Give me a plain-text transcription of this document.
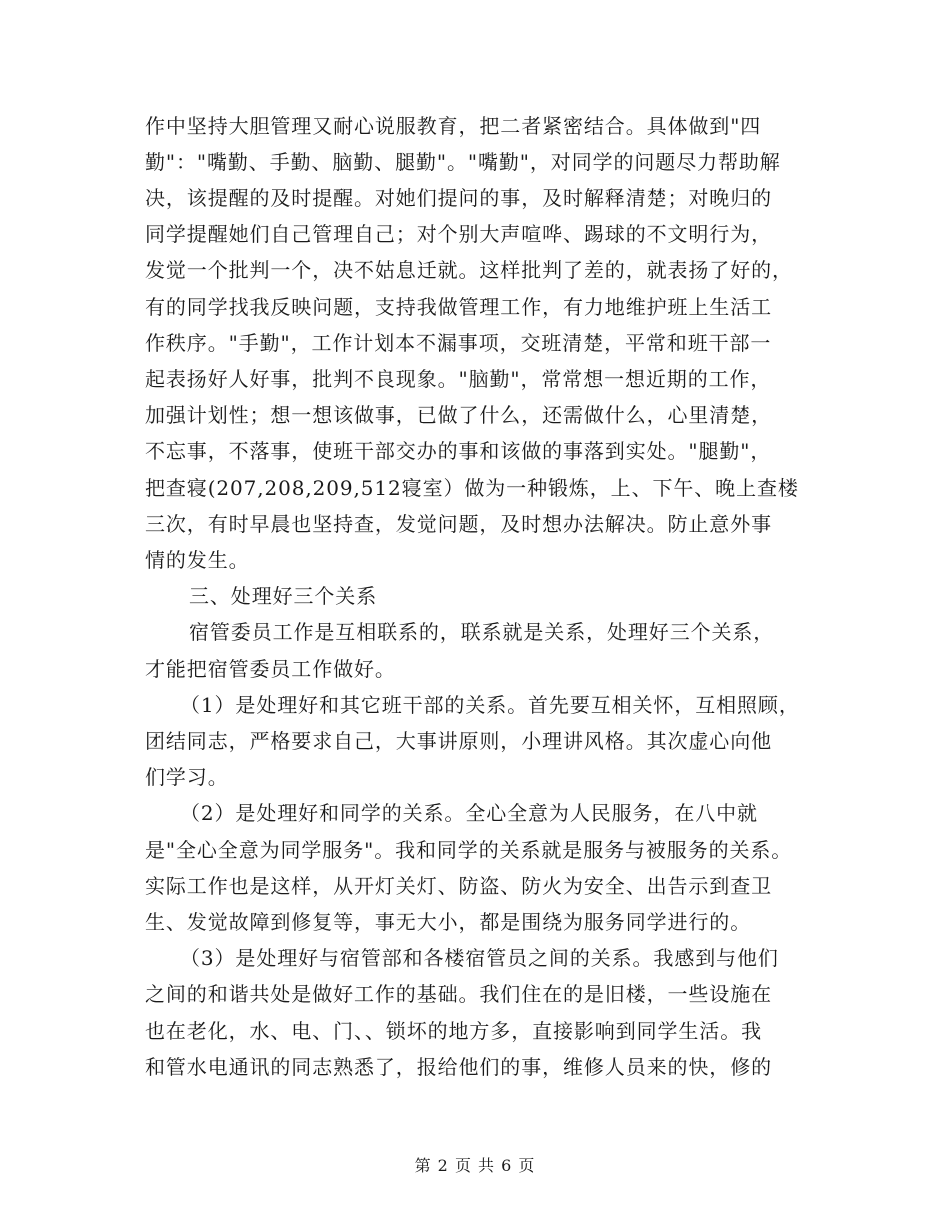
作中坚持大胆管理又耐心说服教育，把二者紧密结合。具体做到"四
勤"："嘴勤、手勤、脑勤、腿勤"。"嘴勤"，对同学的问题尽力帮助解
决，该提醒的及时提醒。对她们提问的事，及时解释清楚；对晚归的
同学提醒她们自己管理自己；对个别大声喧哗、踢球的不文明行为，
发觉一个批判一个，决不姑息迁就。这样批判了差的，就表扬了好的，
有的同学找我反映问题，支持我做管理工作，有力地维护班上生活工
作秩序。"手勤"，工作计划本不漏事项，交班清楚，平常和班干部一
起表扬好人好事，批判不良现象。"脑勤"，常常想一想近期的工作，
加强计划性；想一想该做事，已做了什么，还需做什么，心里清楚，
不忘事，不落事，使班干部交办的事和该做的事落到实处。"腿勤"，
把查寝(207,208,209,512寝室）做为一种锻炼，上、下午、晚上查楼
三次，有时早晨也坚持查，发觉问题，及时想办法解决。防止意外事
情的发生。
三、处理好三个关系
宿管委员工作是互相联系的，联系就是关系，处理好三个关系，
才能把宿管委员工作做好。
（1）是处理好和其它班干部的关系。首先要互相关怀，互相照顾，
团结同志，严格要求自己，大事讲原则，小理讲风格。其次虚心向他
们学习。
（2）是处理好和同学的关系。全心全意为人民服务，在八中就
是"全心全意为同学服务"。我和同学的关系就是服务与被服务的关系。
实际工作也是这样，从开灯关灯、防盗、防火为安全、出告示到查卫
生、发觉故障到修复等，事无大小，都是围绕为服务同学进行的。
（3）是处理好与宿管部和各楼宿管员之间的关系。我感到与他们
之间的和谐共处是做好工作的基础。我们住在的是旧楼，一些设施在
也在老化，水、电、门、、锁坏的地方多，直接影响到同学生活。我
和管水电通讯的同志熟悉了，报给他们的事，维修人员来的快，修的
第 2 页 共 6 页
